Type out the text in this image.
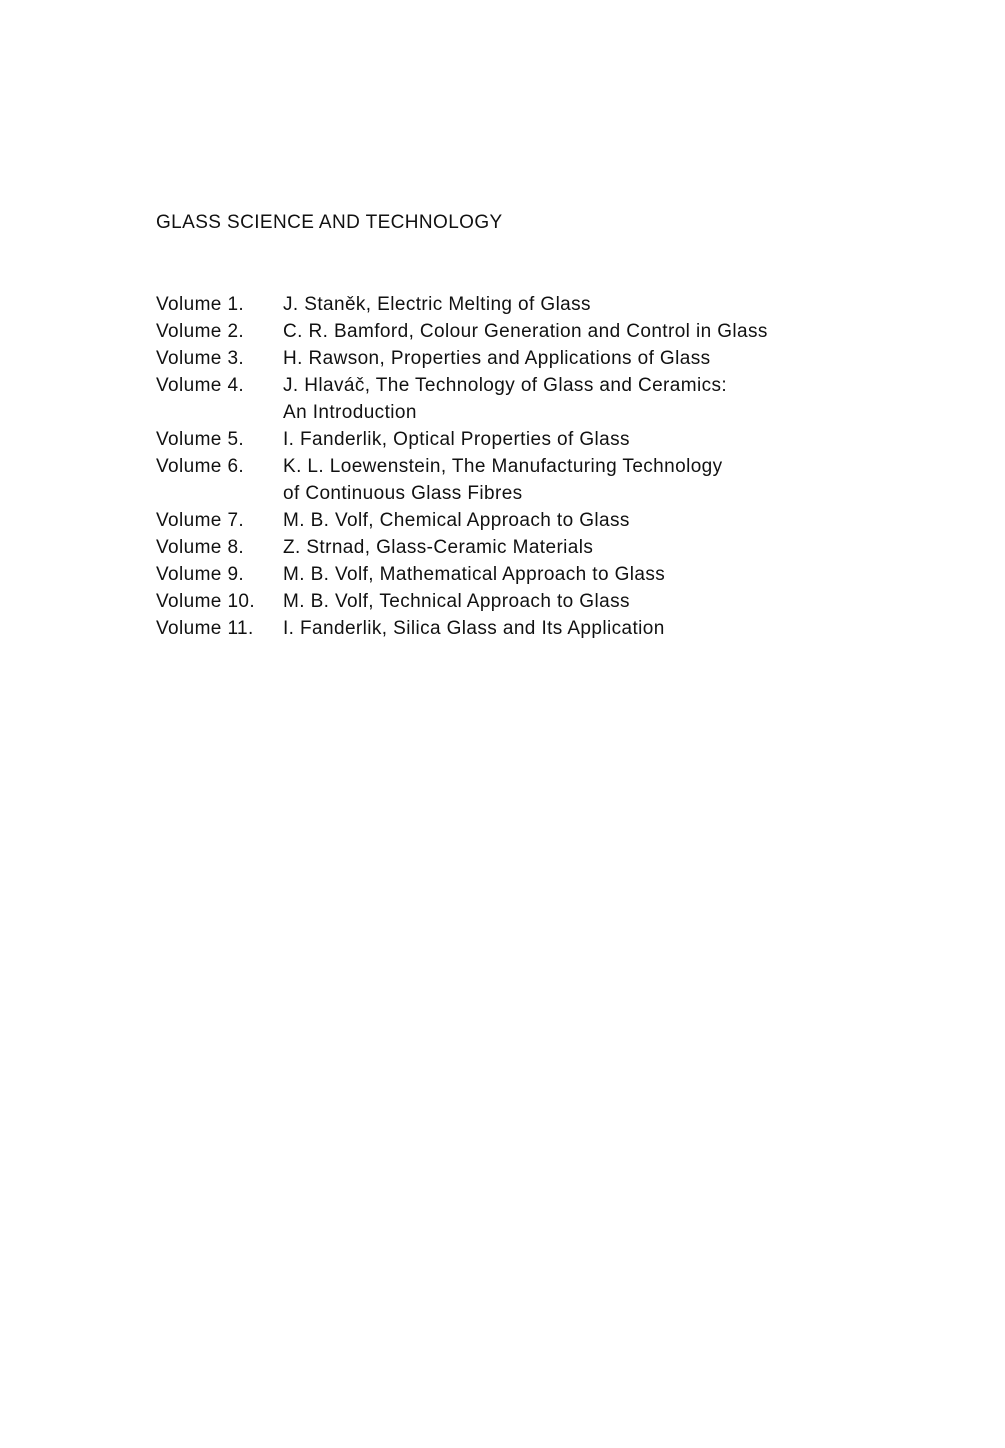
GLASS SCIENCE AND TECHNOLOGY
Volume 1.	J. Staněk, Electric Melting of Glass
Volume 2.	C. R. Bamford, Colour Generation and Control in Glass
Volume 3.	H. Rawson, Properties and Applications of Glass
Volume 4.	J. Hlaváč, The Technology of Glass and Ceramics:
An Introduction
Volume 5.	I. Fanderlik, Optical Properties of Glass
Volume 6.	K. L. Loewenstein, The Manufacturing Technology
of Continuous Glass Fibres
Volume 7.	M. B. Volf, Chemical Approach to Glass
Volume 8.	Z. Strnad, Glass-Ceramic Materials
Volume 9.	M. B. Volf, Mathematical Approach to Glass
Volume 10.	M. B. Volf, Technical Approach to Glass
Volume 11.	I. Fanderlik, Silica Glass and Its Application
